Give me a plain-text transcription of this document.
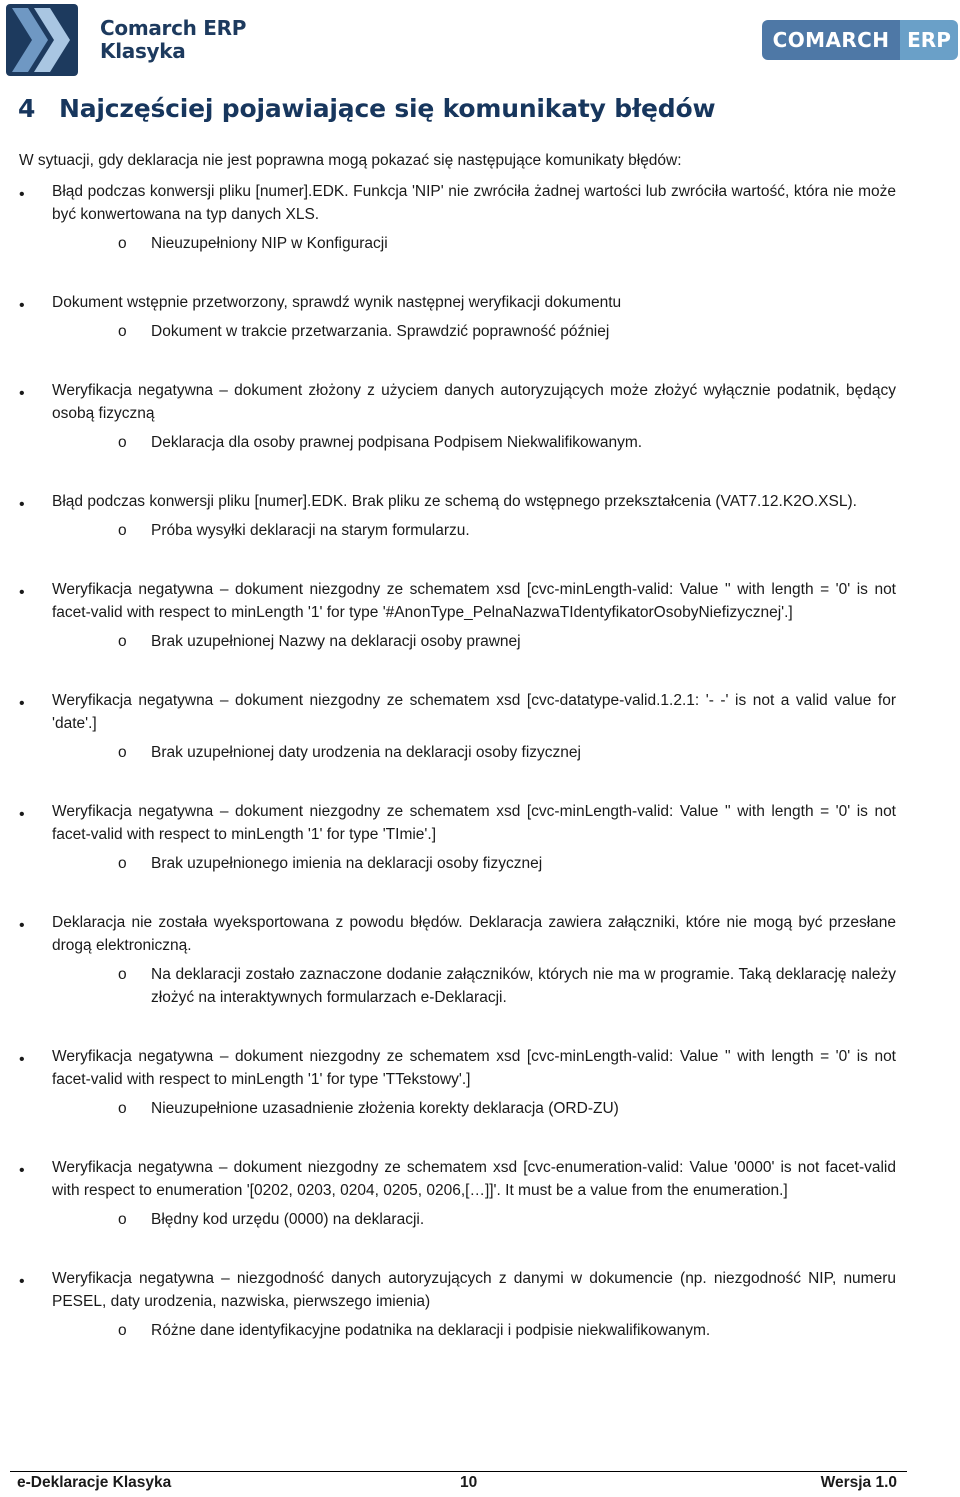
Comarch ERP
Klasyka	COMARCH ERP
4 Najczęściej pojawiające się komunikaty błędów
W sytuacji, gdy deklaracja nie jest poprawna mogą pokazać się następujące komunikaty błędów:
• Błąd podczas konwersji pliku [numer].EDK. Funkcja 'NIP' nie zwróciła żadnej wartości lub zwróciła wartość, która nie może być konwertowana na typ danych XLS.
o Nieuzupełniony NIP w Konfiguracji
• Dokument wstępnie przetworzony, sprawdź wynik następnej weryfikacji dokumentu
o Dokument w trakcie przetwarzania. Sprawdzić poprawność później
• Weryfikacja negatywna – dokument złożony z użyciem danych autoryzujących może złożyć wyłącznie podatnik, będący osobą fizyczną
o Deklaracja dla osoby prawnej podpisana Podpisem Niekwalifikowanym.
• Błąd podczas konwersji pliku [numer].EDK. Brak pliku ze schemą do wstępnego przekształcenia (VAT7.12.K2O.XSL).
o Próba wysyłki deklaracji na starym formularzu.
• Weryfikacja negatywna – dokument niezgodny ze schematem xsd [cvc-minLength-valid: Value '' with length = '0' is not facet-valid with respect to minLength '1' for type '#AnonType_PelnaNazwaTIdentyfikatorOsobyNiefizycznej'.]
o Brak uzupełnionej Nazwy na deklaracji osoby prawnej
• Weryfikacja negatywna – dokument niezgodny ze schematem xsd [cvc-datatype-valid.1.2.1: '- -' is not a valid value for 'date'.]
o Brak uzupełnionej daty urodzenia na deklaracji osoby fizycznej
• Weryfikacja negatywna – dokument niezgodny ze schematem xsd [cvc-minLength-valid: Value '' with length = '0' is not facet-valid with respect to minLength '1' for type 'TImie'.]
o Brak uzupełnionego imienia na deklaracji osoby fizycznej
• Deklaracja nie została wyeksportowana z powodu błędów. Deklaracja zawiera załączniki, które nie mogą być przesłane drogą elektroniczną.
o Na deklaracji zostało zaznaczone dodanie załączników, których nie ma w programie. Taką deklarację należy złożyć na interaktywnych formularzach e-Deklaracji.
• Weryfikacja negatywna – dokument niezgodny ze schematem xsd [cvc-minLength-valid: Value '' with length = '0' is not facet-valid with respect to minLength '1' for type 'TTekstowy'.]
o Nieuzupełnione uzasadnienie złożenia korekty deklaracja (ORD-ZU)
• Weryfikacja negatywna – dokument niezgodny ze schematem xsd [cvc-enumeration-valid: Value '0000' is not facet-valid with respect to enumeration '[0202, 0203, 0204, 0205, 0206,[…]]'. It must be a value from the enumeration.]
o Błędny kod urzędu (0000) na deklaracji.
• Weryfikacja negatywna – niezgodność danych autoryzujących z danymi w dokumencie (np. niezgodność NIP, numeru PESEL, daty urodzenia, nazwiska, pierwszego imienia)
o Różne dane identyfikacyjne podatnika na deklaracji i podpisie niekwalifikowanym.
e-Deklaracje Klasyka	10	Wersja 1.0
